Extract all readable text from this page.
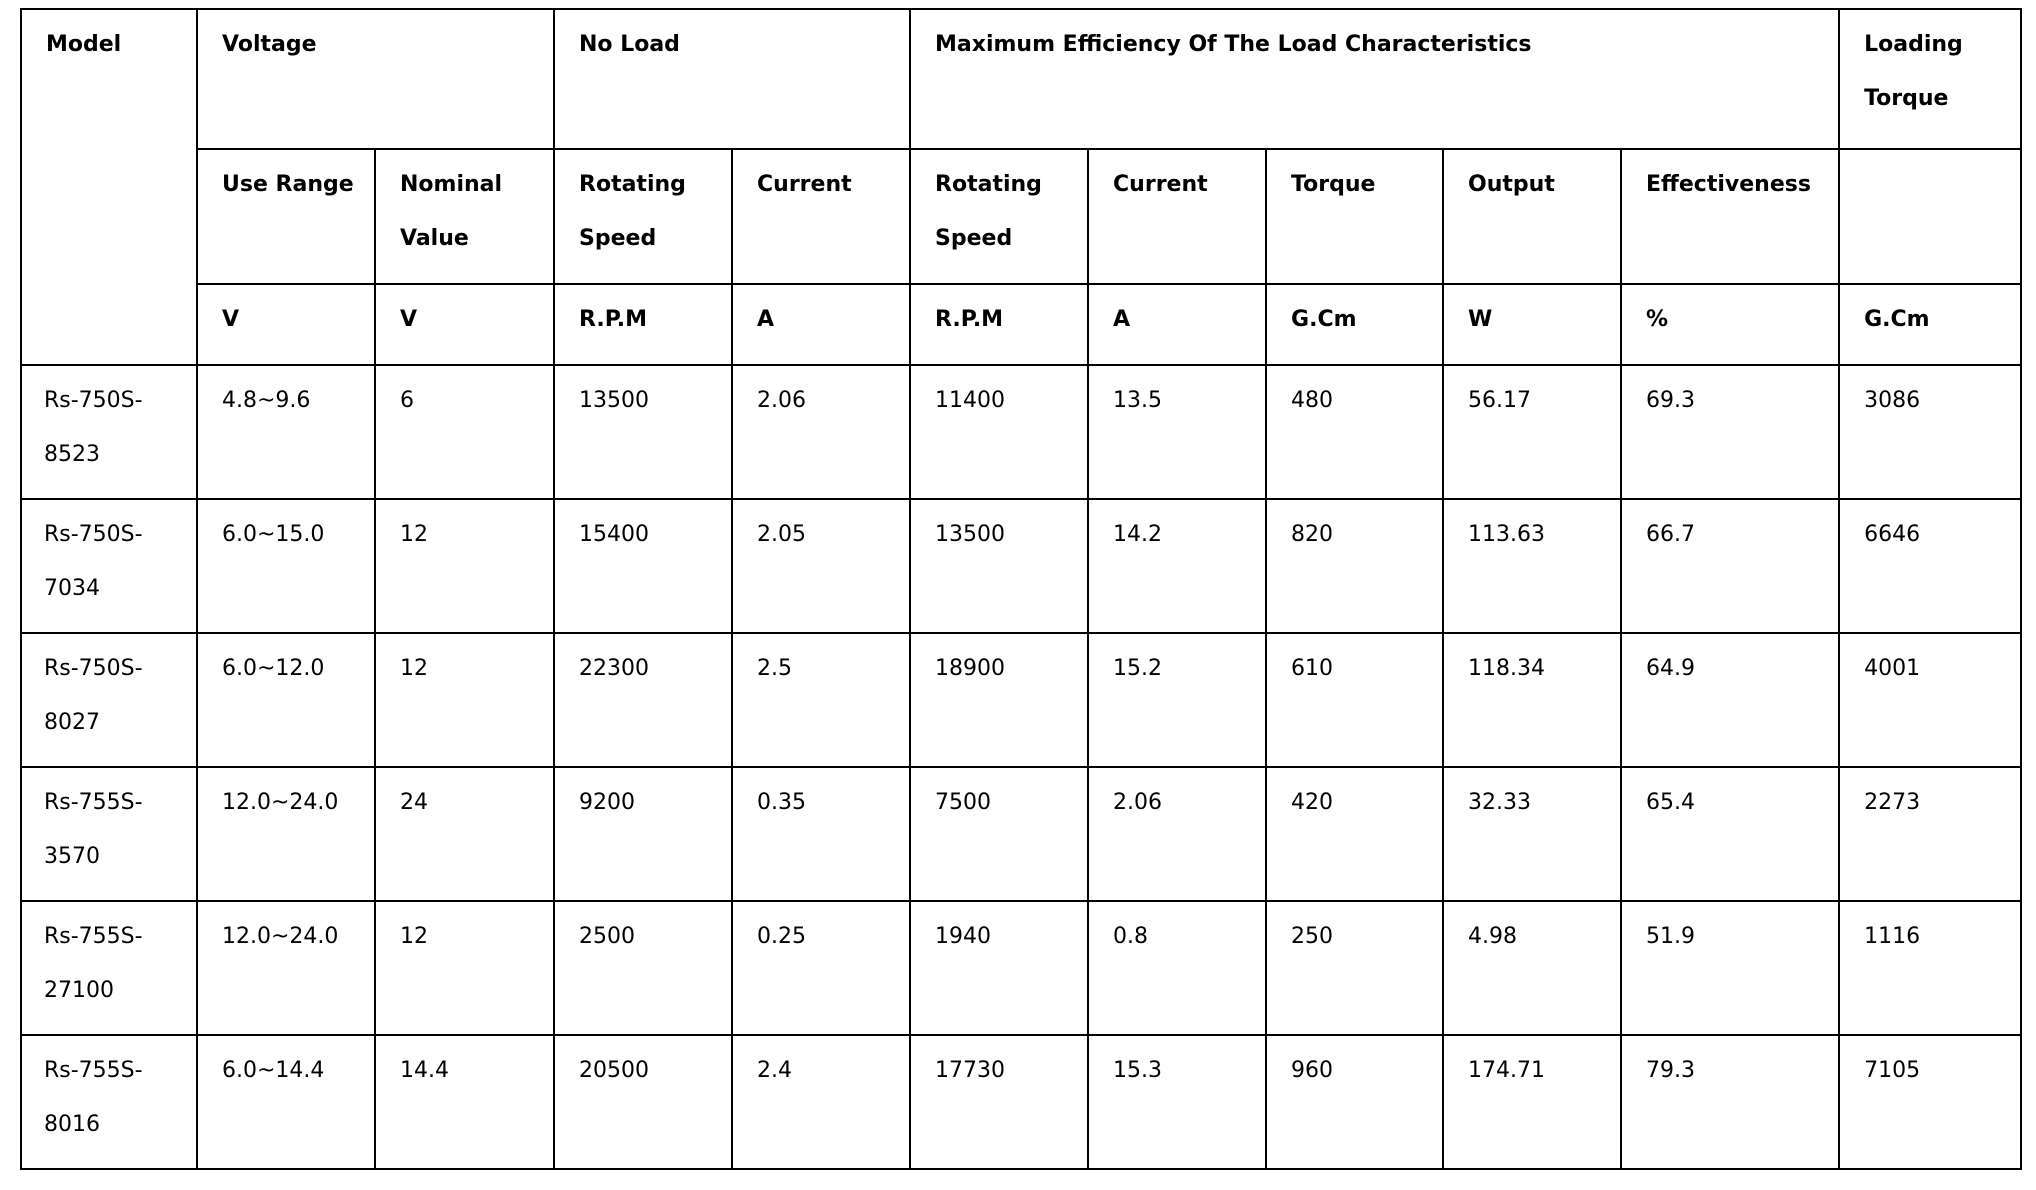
Model	Voltage		No Load		Maximum Efficiency Of The Load Characteristics					Loading Torque
	Use Range	Nominal Value	Rotating Speed	Current	Rotating Speed	Current	Torque	Output	Effectiveness	
	V	V	R.P.M	A	R.P.M	A	G.Cm	W	%	G.Cm
Rs-750S-8523	4.8~9.6	6	13500	2.06	11400	13.5	480	56.17	69.3	3086
Rs-750S-7034	6.0~15.0	12	15400	2.05	13500	14.2	820	113.63	66.7	6646
Rs-750S-8027	6.0~12.0	12	22300	2.5	18900	15.2	610	118.34	64.9	4001
Rs-755S-3570	12.0~24.0	24	9200	0.35	7500	2.06	420	32.33	65.4	2273
Rs-755S-27100	12.0~24.0	12	2500	0.25	1940	0.8	250	4.98	51.9	1116
Rs-755S-8016	6.0~14.4	14.4	20500	2.4	17730	15.3	960	174.71	79.3	7105
